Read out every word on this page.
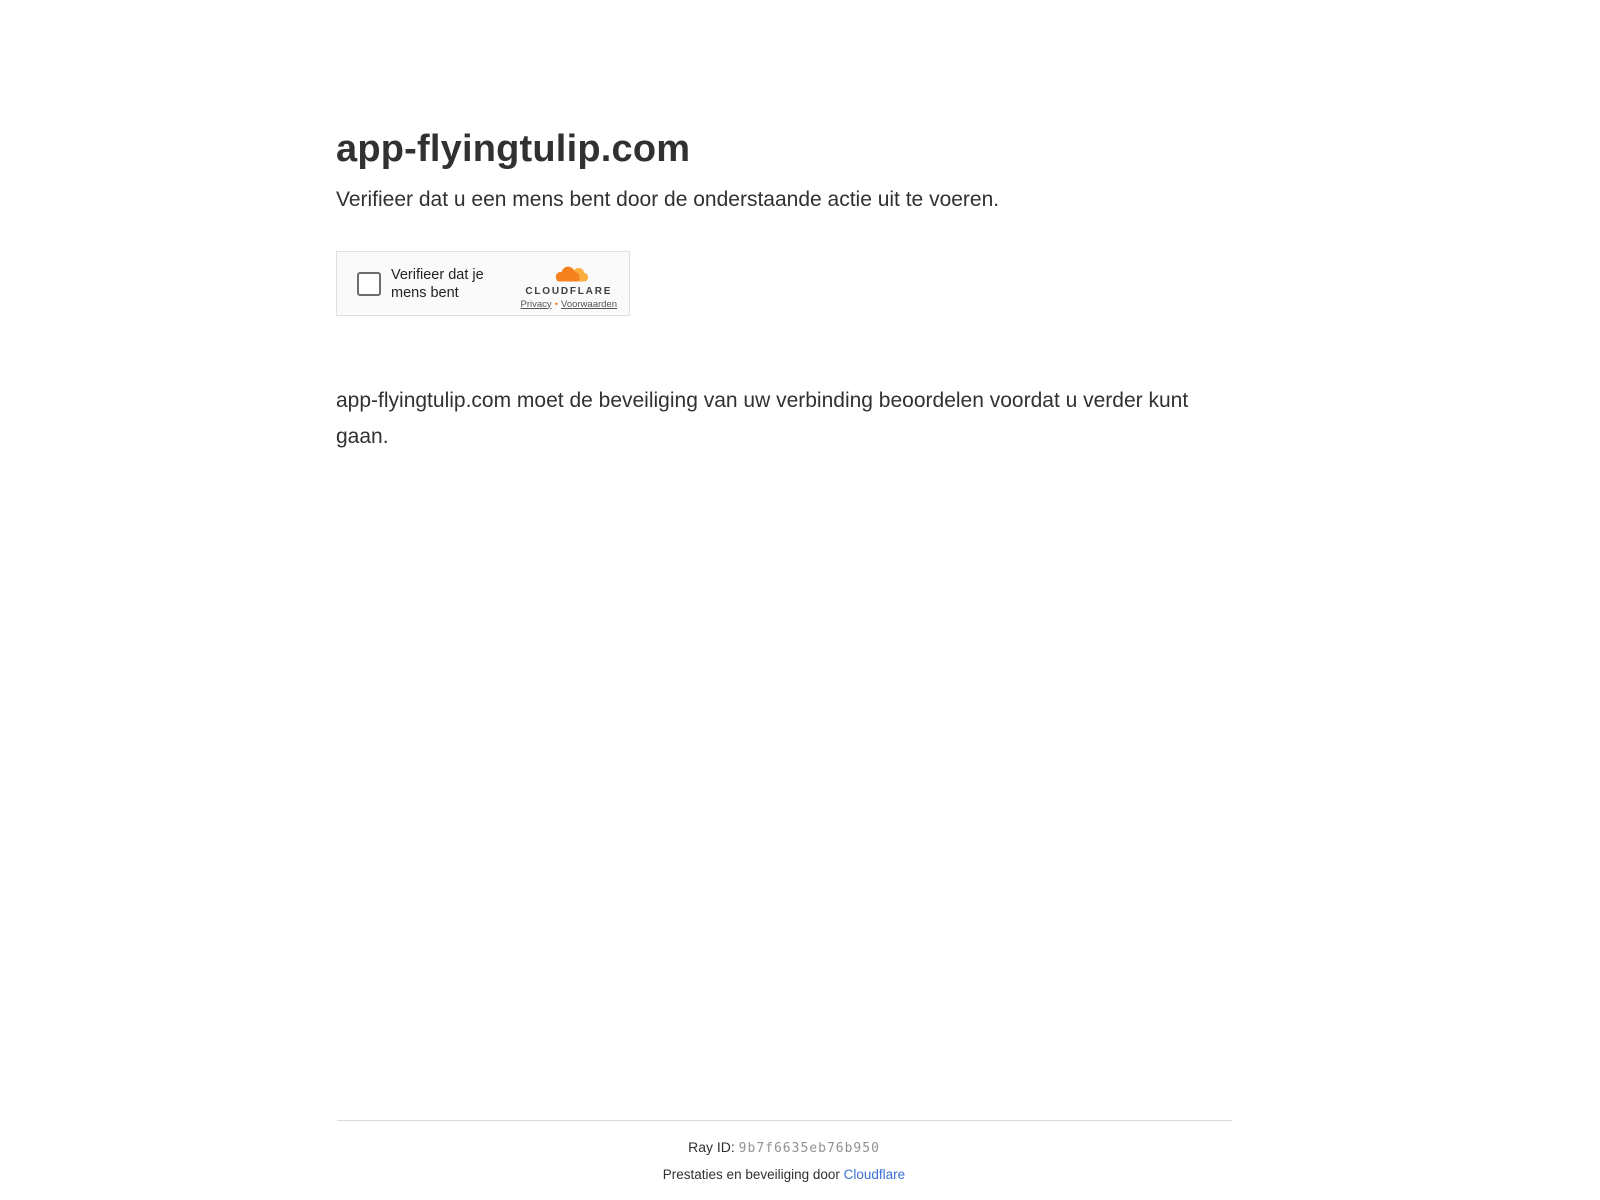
app-flyingtulip.com
Verifieer dat u een mens bent door de onderstaande actie uit te voeren.
Verifieer dat je mens bent	CLOUDFLARE
Privacy • Voorwaarden

app-flyingtulip.com moet de beveiliging van uw verbinding beoordelen voordat u verder kunt gaan.

Ray ID: 9b7f6635eb76b950
Prestaties en beveiliging door Cloudflare
